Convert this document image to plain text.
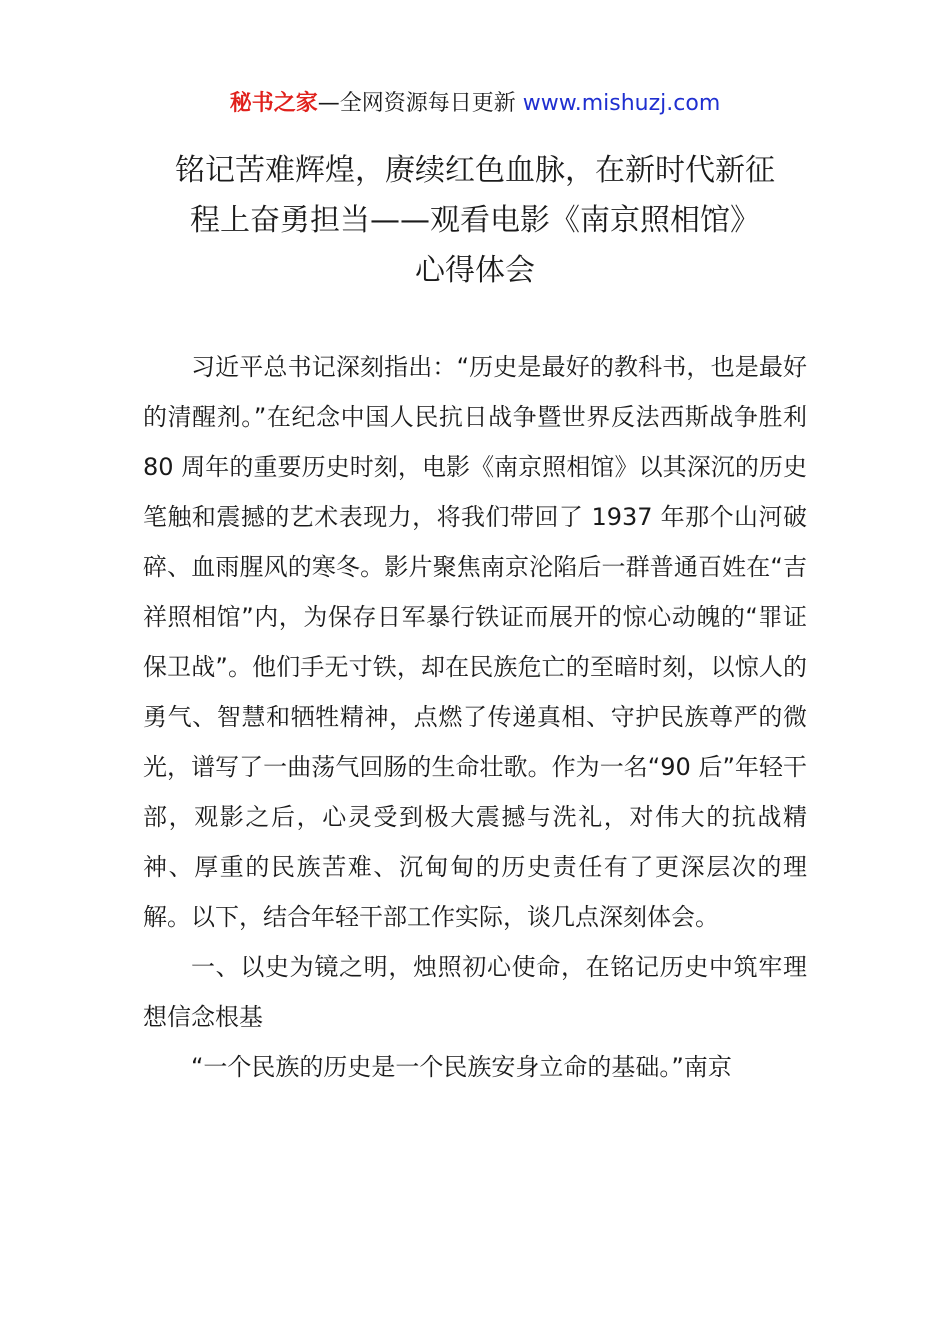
秘书之家—全网资源每日更新 www.mishuzj.com
铭记苦难辉煌，赓续红色血脉，在新时代新征
程上奋勇担当——观看电影《南京照相馆》
心得体会

习近平总书记深刻指出：“历史是最好的教科书，也是最好的清醒剂。”在纪念中国人民抗日战争暨世界反法西斯战争胜利 80 周年的重要历史时刻，电影《南京照相馆》以其深沉的历史笔触和震撼的艺术表现力，将我们带回了 1937 年那个山河破碎、血雨腥风的寒冬。影片聚焦南京沦陷后一群普通百姓在“吉祥照相馆”内，为保存日军暴行铁证而展开的惊心动魄的“罪证保卫战”。他们手无寸铁，却在民族危亡的至暗时刻，以惊人的勇气、智慧和牺牲精神，点燃了传递真相、守护民族尊严的微光，谱写了一曲荡气回肠的生命壮歌。作为一名“90 后”年轻干部，观影之后，心灵受到极大震撼与洗礼，对伟大的抗战精神、厚重的民族苦难、沉甸甸的历史责任有了更深层次的理解。以下，结合年轻干部工作实际，谈几点深刻体会。

一、以史为镜之明，烛照初心使命，在铭记历史中筑牢理想信念根基

“一个民族的历史是一个民族安身立命的基础。”南京
